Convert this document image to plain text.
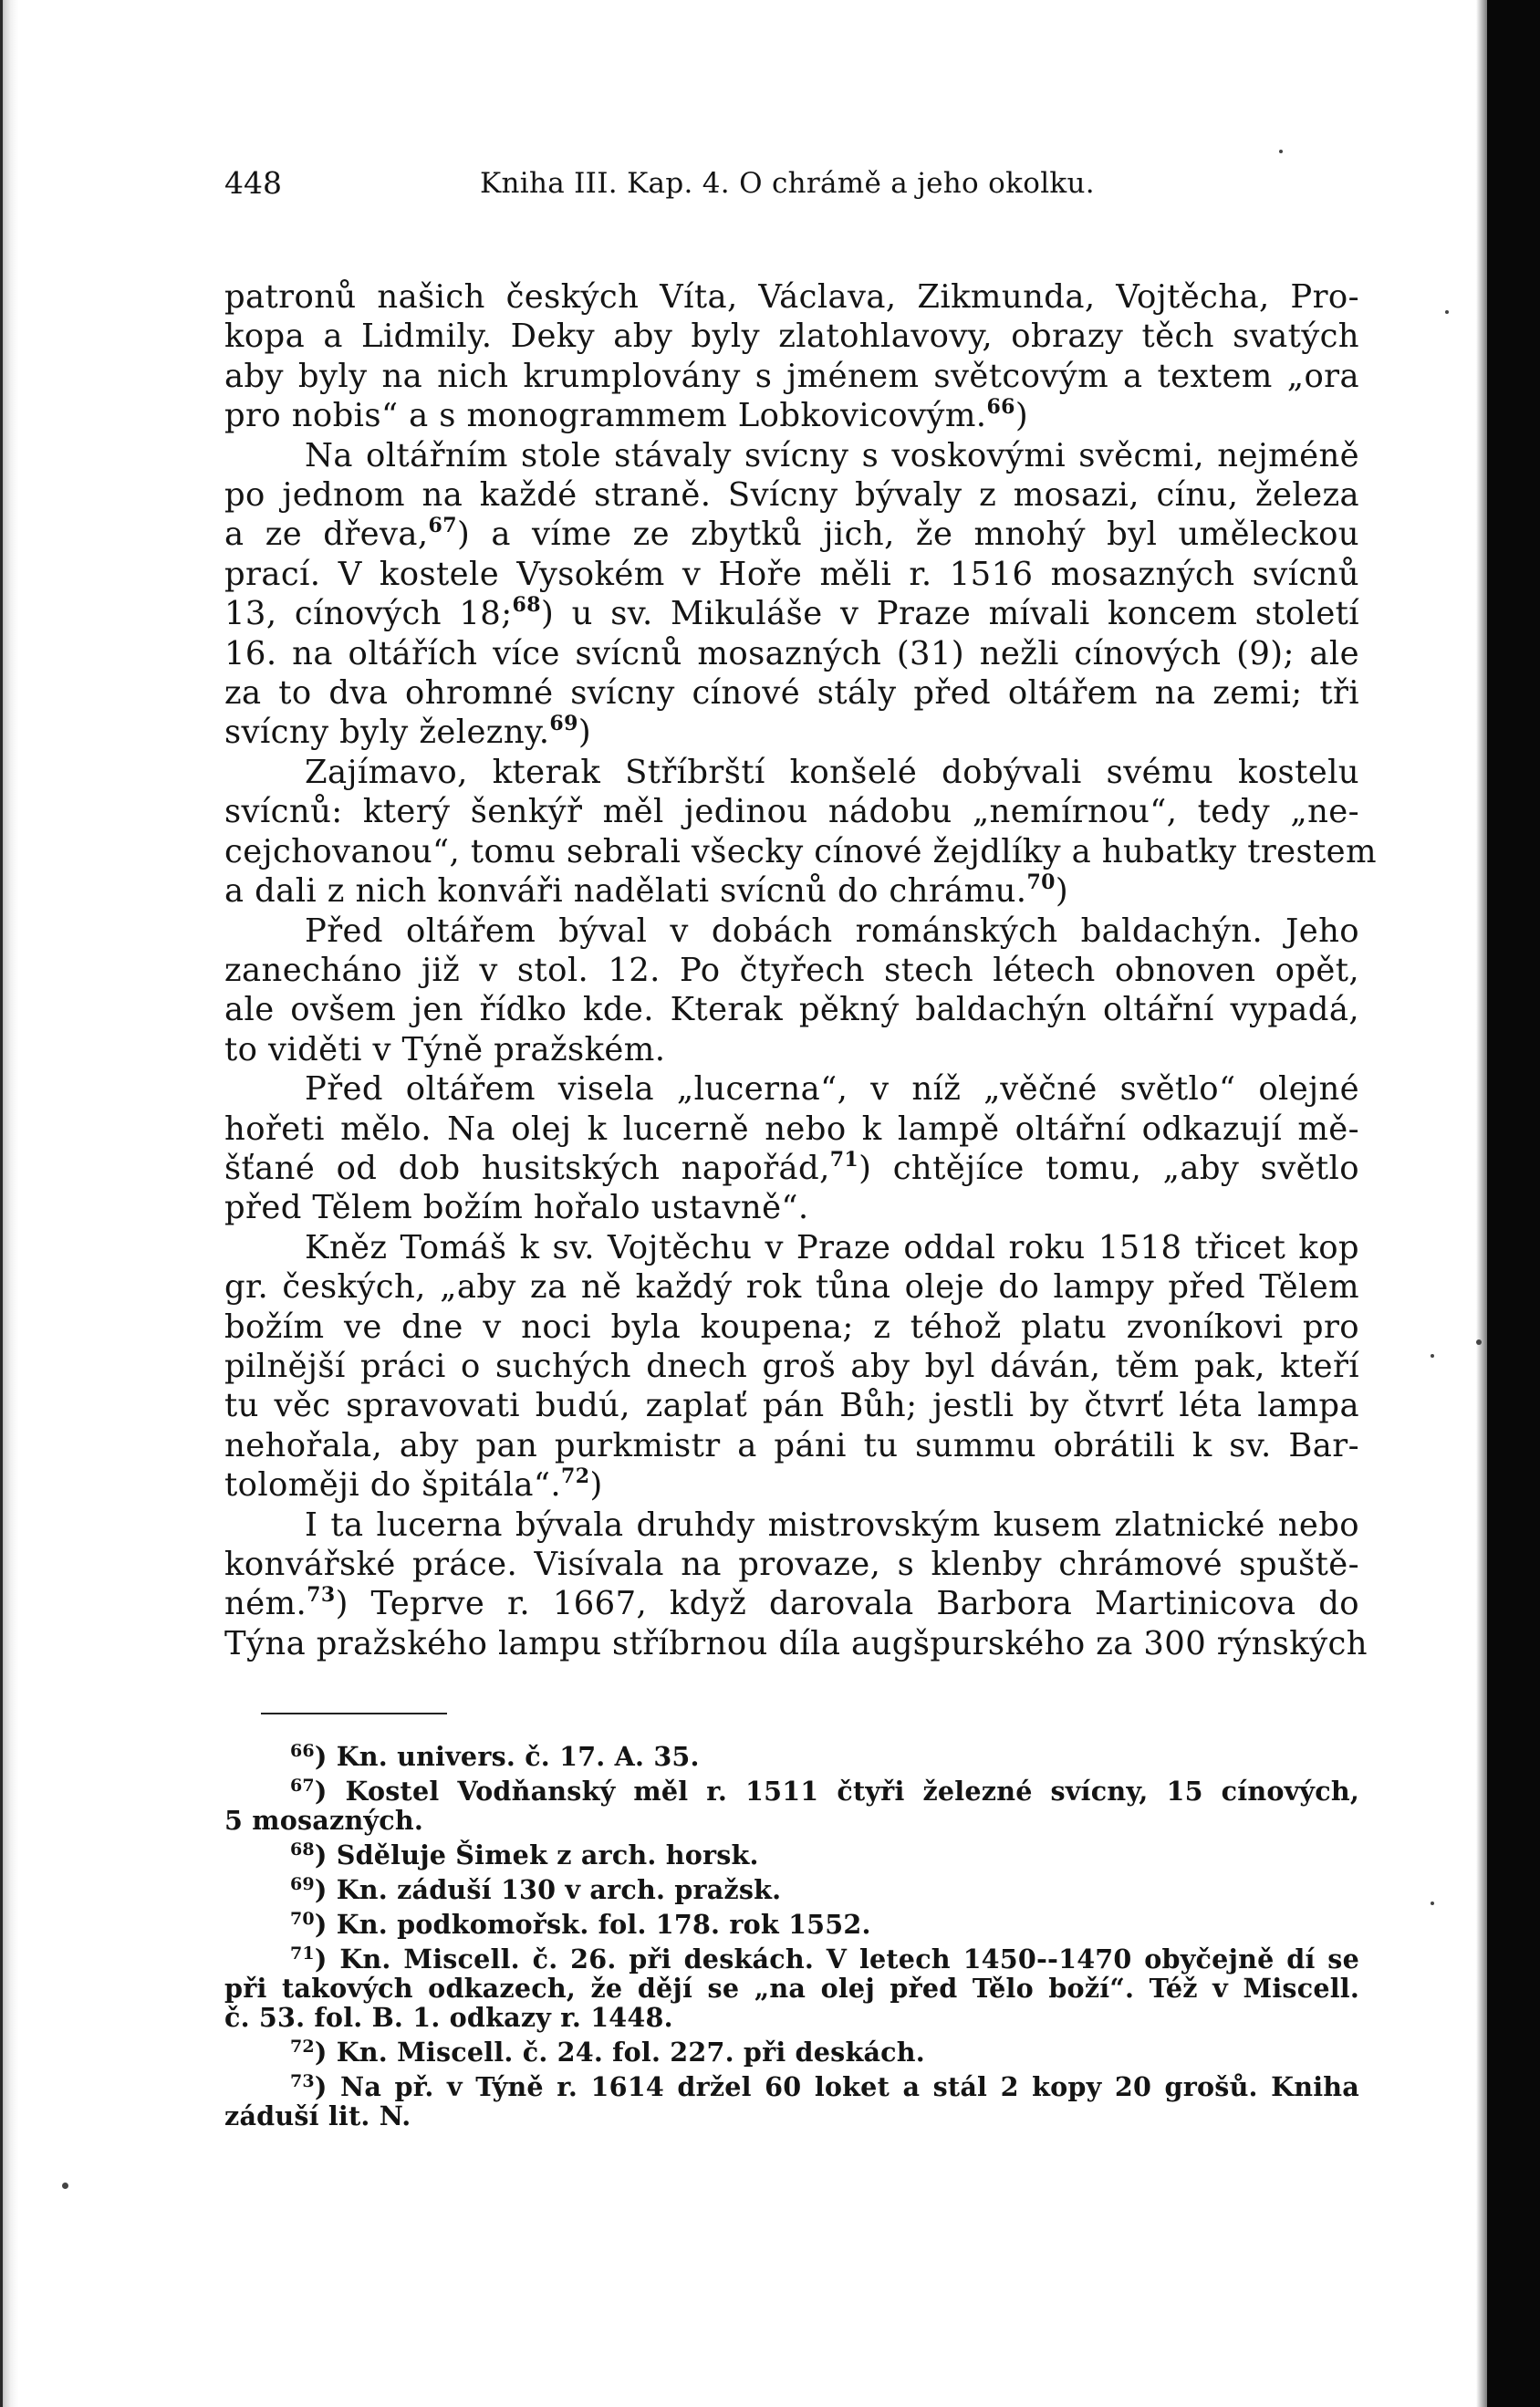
448	Kniha III. Kap. 4. O chrámě a jeho okolku.
patronů našich českých Víta, Václava, Zikmunda, Vojtěcha, Pro-
kopa a Lidmily. Deky aby byly zlatohlavovy, obrazy těch svatých
aby byly na nich krumplovány s jménem světcovým a textem „ora
pro nobis“ a s monogrammem Lobkovicovým.$^{66}$)
Na oltářním stole stávaly svícny s voskovými svěcmi, nejméně
po jednom na každé straně. Svícny bývaly z mosazi, cínu, železa
a ze dřeva,$^{67}$) a víme ze zbytků jich, že mnohý byl uměleckou
prací. V kostele Vysokém v Hoře měli r. 1516 mosazných svícnů
13, cínových 18;$^{68}$) u sv. Mikuláše v Praze mívali koncem století
16. na oltářích více svícnů mosazných (31) nežli cínových (9); ale
za to dva ohromné svícny cínové stály před oltářem na zemi; tři
svícny byly železny.$^{69}$)
Zajímavo, kterak Stříbrští konšelé dobývali svému kostelu
svícnů: který šenkýř měl jedinou nádobu „nemírnou“, tedy „ne-
cejchovanou“, tomu sebrali všecky cínové žejdlíky a hubatky trestem
a dali z nich konváři nadělati svícnů do chrámu.$^{70}$)
Před oltářem býval v dobách románských baldachýn. Jeho
zanecháno již v stol. 12. Po čtyřech stech létech obnoven opět,
ale ovšem jen řídko kde. Kterak pěkný baldachýn oltářní vypadá,
to viděti v Týně pražském.
Před oltářem visela „lucerna“, v níž „věčné světlo“ olejné
hořeti mělo. Na olej k lucerně nebo k lampě oltářní odkazují mě-
šťané od dob husitských napořád,$^{71}$) chtějíce tomu, „aby světlo
před Tělem božím hořalo ustavně“.
Kněz Tomáš k sv. Vojtěchu v Praze oddal roku 1518 třicet kop
gr. českých, „aby za ně každý rok tůna oleje do lampy před Tělem
božím ve dne v noci byla koupena; z téhož platu zvoníkovi pro
pilnější práci o suchých dnech groš aby byl dáván, těm pak, kteří
tu věc spravovati budú, zaplať pán Bůh; jestli by čtvrť léta lampa
nehořala, aby pan purkmistr a páni tu summu obrátili k sv. Bar-
toloměji do špitála“.$^{72}$)
I ta lucerna bývala druhdy mistrovským kusem zlatnické nebo
konvářské práce. Visívala na provaze, s klenby chrámové spuště-
ném.$^{73}$) Teprve r. 1667, když darovala Barbora Martinicova do
Týna pražského lampu stříbrnou díla augšpurského za 300 rýnských
$^{66}$) Kn. univers. č. 17. A. 35.
$^{67}$) Kostel Vodňanský měl r. 1511 čtyři železné svícny, 15 cínových,
5 mosazných.
$^{68}$) Sděluje Šimek z arch. horsk.
$^{69}$) Kn. záduší 130 v arch. pražsk.
$^{70}$) Kn. podkomořsk. fol. 178. rok 1552.
$^{71}$) Kn. Miscell. č. 26. při deskách. V letech 1450--1470 obyčejně dí se
při takových odkazech, že dějí se „na olej před Tělo boží“. Též v Miscell.
č. 53. fol. B. 1. odkazy r. 1448.
$^{72}$) Kn. Miscell. č. 24. fol. 227. při deskách.
$^{73}$) Na př. v Týně r. 1614 držel 60 loket a stál 2 kopy 20 grošů. Kniha
záduší lit. N.
